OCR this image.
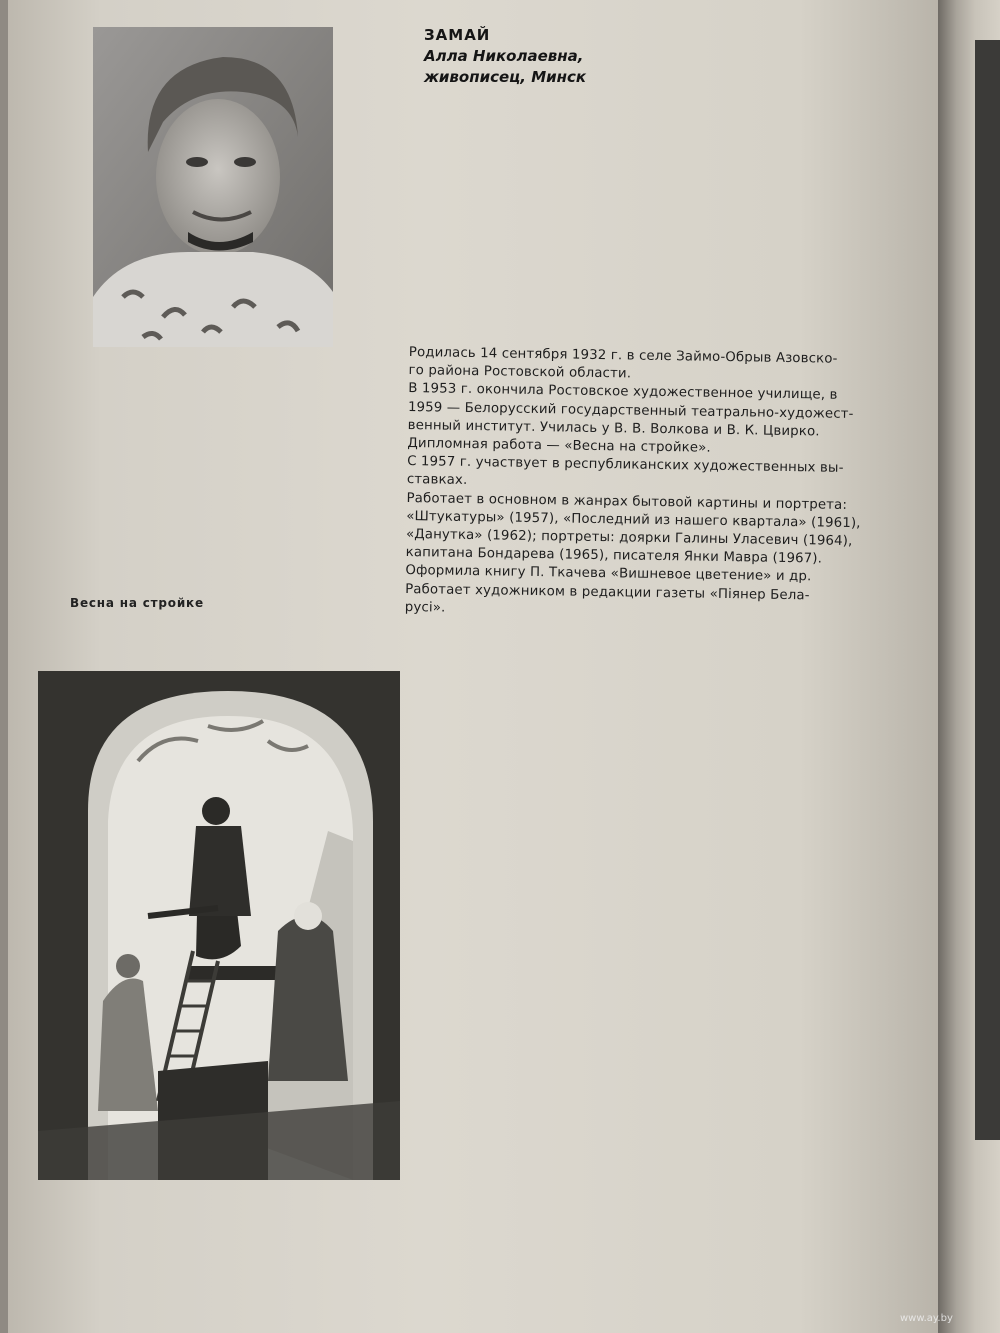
ЗАМАЙ
Алла Николаевна,
живописец, Минск
Родилась 14 сентября 1932 г. в селе Займо-Обрыв Азовско-
го района Ростовской области.
В 1953 г. окончила Ростовское художественное училище, в
1959 — Белорусский государственный театрально-художест-
венный институт. Училась у В. В. Волкова и В. К. Цвирко.
Дипломная работа — «Весна на стройке».
С 1957 г. участвует в республиканских художественных вы-
ставках.
Работает в основном в жанрах бытовой картины и портрета:
«Штукатуры» (1957), «Последний из нашего квартала» (1961),
«Данутка» (1962); портреты: доярки Галины Уласевич (1964),
капитана Бондарева (1965), писателя Янки Мавра (1967).
Оформила книгу П. Ткачева «Вишневое цветение» и др.
Работает художником в редакции газеты «Піянер Бела-
русі».
Весна на стройке
www.ay.by
